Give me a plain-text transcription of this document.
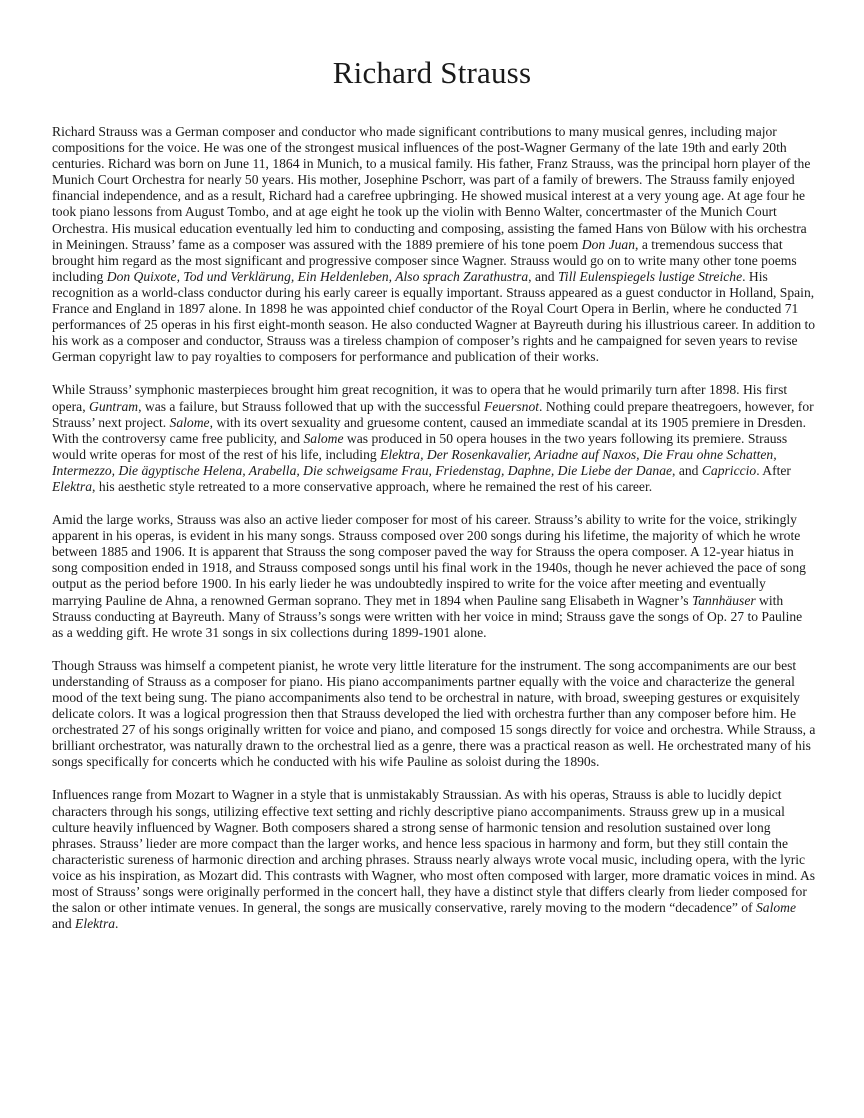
Richard Strauss

Richard Strauss was a German composer and conductor who made significant contributions to many musical genres, including major compositions for the voice. He was one of the strongest musical influences of the post-Wagner Germany of the late 19th and early 20th centuries. Richard was born on June 11, 1864 in Munich, to a musical family. His father, Franz Strauss, was the principal horn player of the Munich Court Orchestra for nearly 50 years. His mother, Josephine Pschorr, was part of a family of brewers. The Strauss family enjoyed financial independence, and as a result, Richard had a carefree upbringing. He showed musical interest at a very young age. At age four he took piano lessons from August Tombo, and at age eight he took up the violin with Benno Walter, concertmaster of the Munich Court Orchestra. His musical education eventually led him to conducting and composing, assisting the famed Hans von Bülow with his orchestra in Meiningen. Strauss’ fame as a composer was assured with the 1889 premiere of his tone poem Don Juan, a tremendous success that brought him regard as the most significant and progressive composer since Wagner. Strauss would go on to write many other tone poems including Don Quixote, Tod und Verklärung, Ein Heldenleben, Also sprach Zarathustra, and Till Eulenspiegels lustige Streiche. His recognition as a world-class conductor during his early career is equally important. Strauss appeared as a guest conductor in Holland, Spain, France and England in 1897 alone. In 1898 he was appointed chief conductor of the Royal Court Opera in Berlin, where he conducted 71 performances of 25 operas in his first eight-month season. He also conducted Wagner at Bayreuth during his illustrious career. In addition to his work as a composer and conductor, Strauss was a tireless champion of composer’s rights and he campaigned for seven years to revise German copyright law to pay royalties to composers for performance and publication of their works.

While Strauss’ symphonic masterpieces brought him great recognition, it was to opera that he would primarily turn after 1898. His first opera, Guntram, was a failure, but Strauss followed that up with the successful Feuersnot. Nothing could prepare theatregoers, however, for Strauss’ next project. Salome, with its overt sexuality and gruesome content, caused an immediate scandal at its 1905 premiere in Dresden. With the controversy came free publicity, and Salome was produced in 50 opera houses in the two years following its premiere. Strauss would write operas for most of the rest of his life, including Elektra, Der Rosenkavalier, Ariadne auf Naxos, Die Frau ohne Schatten, Intermezzo, Die ägyptische Helena, Arabella, Die schweigsame Frau, Friedenstag, Daphne, Die Liebe der Danae, and Capriccio. After Elektra, his aesthetic style retreated to a more conservative approach, where he remained the rest of his career.

Amid the large works, Strauss was also an active lieder composer for most of his career. Strauss’s ability to write for the voice, strikingly apparent in his operas, is evident in his many songs. Strauss composed over 200 songs during his lifetime, the majority of which he wrote between 1885 and 1906. It is apparent that Strauss the song composer paved the way for Strauss the opera composer. A 12-year hiatus in song composition ended in 1918, and Strauss composed songs until his final work in the 1940s, though he never achieved the pace of song output as the period before 1900. In his early lieder he was undoubtedly inspired to write for the voice after meeting and eventually marrying Pauline de Ahna, a renowned German soprano. They met in 1894 when Pauline sang Elisabeth in Wagner’s Tannhäuser with Strauss conducting at Bayreuth. Many of Strauss’s songs were written with her voice in mind; Strauss gave the songs of Op. 27 to Pauline as a wedding gift. He wrote 31 songs in six collections during 1899-1901 alone.

Though Strauss was himself a competent pianist, he wrote very little literature for the instrument. The song accompaniments are our best understanding of Strauss as a composer for piano. His piano accompaniments partner equally with the voice and characterize the general mood of the text being sung. The piano accompaniments also tend to be orchestral in nature, with broad, sweeping gestures or exquisitely delicate colors. It was a logical progression then that Strauss developed the lied with orchestra further than any composer before him. He orchestrated 27 of his songs originally written for voice and piano, and composed 15 songs directly for voice and orchestra. While Strauss, a brilliant orchestrator, was naturally drawn to the orchestral lied as a genre, there was a practical reason as well. He orchestrated many of his songs specifically for concerts which he conducted with his wife Pauline as soloist during the 1890s.

Influences range from Mozart to Wagner in a style that is unmistakably Straussian. As with his operas, Strauss is able to lucidly depict characters through his songs, utilizing effective text setting and richly descriptive piano accompaniments. Strauss grew up in a musical culture heavily influenced by Wagner. Both composers shared a strong sense of harmonic tension and resolution sustained over long phrases. Strauss’ lieder are more compact than the larger works, and hence less spacious in harmony and form, but they still contain the characteristic sureness of harmonic direction and arching phrases. Strauss nearly always wrote vocal music, including opera, with the lyric voice as his inspiration, as Mozart did. This contrasts with Wagner, who most often composed with larger, more dramatic voices in mind. As most of Strauss’ songs were originally performed in the concert hall, they have a distinct style that differs clearly from lieder composed for the salon or other intimate venues. In general, the songs are musically conservative, rarely moving to the modern “decadence” of Salome and Elektra.
